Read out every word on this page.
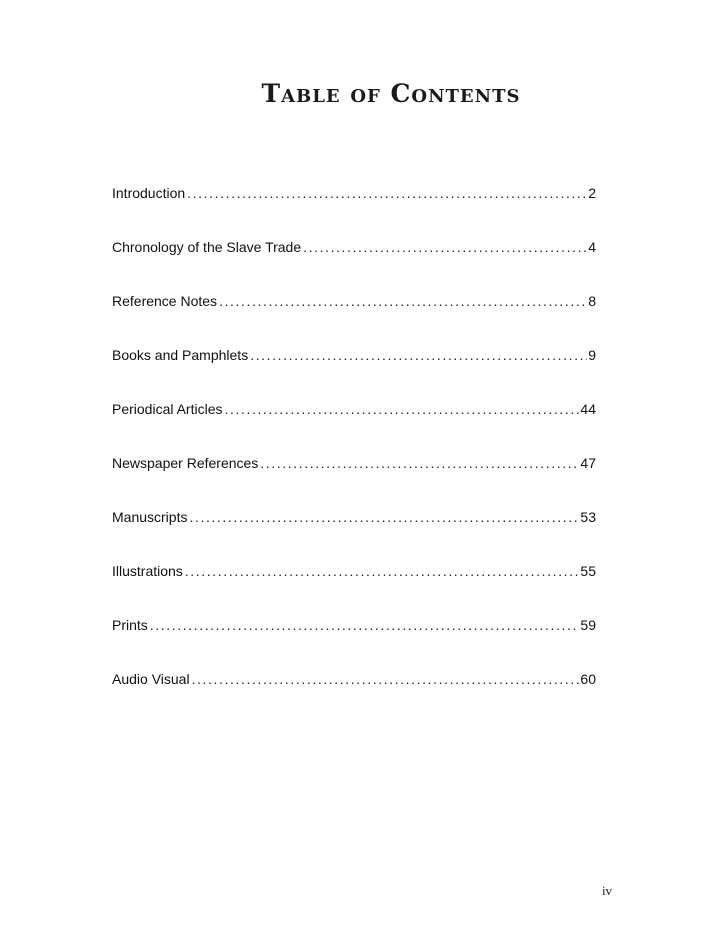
Table of Contents
Introduction .....	2
Chronology of the Slave Trade .....	4
Reference Notes .....	8
Books and Pamphlets .....	9
Periodical Articles .....	44
Newspaper References .....	47
Manuscripts .....	53
Illustrations .....	55
Prints .....	59
Audio Visual .....	60
iv
